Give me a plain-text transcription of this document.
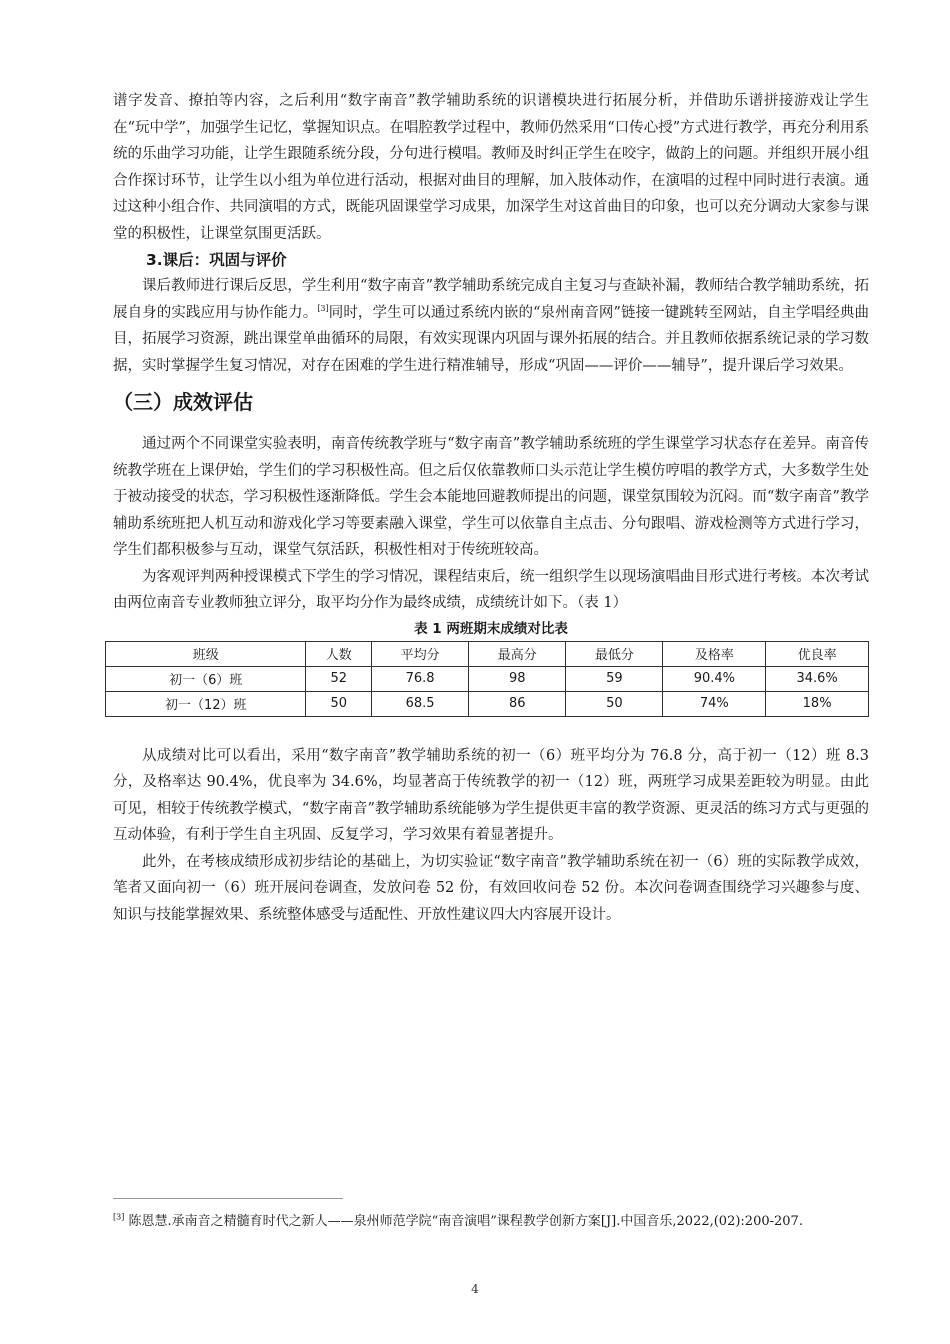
谱字发音、撩拍等内容，之后利用“数字南音”教学辅助系统的识谱模块进行拓展分析，并借助乐谱拼接游戏让学生在“玩中学”，加强学生记忆，掌握知识点。在唱腔教学过程中，教师仍然采用“口传心授”方式进行教学，再充分利用系统的乐曲学习功能，让学生跟随系统分段，分句进行模唱。教师及时纠正学生在咬字，做韵上的问题。并组织开展小组合作探讨环节，让学生以小组为单位进行活动，根据对曲目的理解，加入肢体动作，在演唱的过程中同时进行表演。通过这种小组合作、共同演唱的方式，既能巩固课堂学习成果，加深学生对这首曲目的印象，也可以充分调动大家参与课堂的积极性，让课堂氛围更活跃。

3.课后：巩固与评价

课后教师进行课后反思，学生利用“数字南音”教学辅助系统完成自主复习与查缺补漏，教师结合教学辅助系统，拓展自身的实践应用与协作能力。[3]同时，学生可以通过系统内嵌的“泉州南音网”链接一键跳转至网站，自主学唱经典曲目，拓展学习资源，跳出课堂单曲循环的局限，有效实现课内巩固与课外拓展的结合。并且教师依据系统记录的学习数据，实时掌握学生复习情况，对存在困难的学生进行精准辅导，形成“巩固——评价——辅导”，提升课后学习效果。

（三）成效评估

通过两个不同课堂实验表明，南音传统教学班与“数字南音”教学辅助系统班的学生课堂学习状态存在差异。南音传统教学班在上课伊始，学生们的学习积极性高。但之后仅依靠教师口头示范让学生模仿哼唱的教学方式，大多数学生处于被动接受的状态，学习积极性逐渐降低。学生会本能地回避教师提出的问题，课堂氛围较为沉闷。而“数字南音”教学辅助系统班把人机互动和游戏化学习等要素融入课堂，学生可以依靠自主点击、分句跟唱、游戏检测等方式进行学习，学生们都积极参与互动，课堂气氛活跃，积极性相对于传统班较高。

为客观评判两种授课模式下学生的学习情况，课程结束后，统一组织学生以现场演唱曲目形式进行考核。本次考试由两位南音专业教师独立评分，取平均分作为最终成绩，成绩统计如下。（表 1）

表 1 两班期末成绩对比表
班级	人数	平均分	最高分	最低分	及格率	优良率
初一（6）班	52	76.8	98	59	90.4%	34.6%
初一（12）班	50	68.5	86	50	74%	18%

从成绩对比可以看出，采用“数字南音”教学辅助系统的初一（6）班平均分为 76.8 分，高于初一（12）班 8.3 分，及格率达 90.4%，优良率为 34.6%，均显著高于传统教学的初一（12）班，两班学习成果差距较为明显。由此可见，相较于传统教学模式，“数字南音”教学辅助系统能够为学生提供更丰富的教学资源、更灵活的练习方式与更强的互动体验，有利于学生自主巩固、反复学习，学习效果有着显著提升。

此外，在考核成绩形成初步结论的基础上，为切实验证“数字南音”教学辅助系统在初一（6）班的实际教学成效，笔者又面向初一（6）班开展问卷调查，发放问卷 52 份，有效回收问卷 52 份。本次问卷调查围绕学习兴趣参与度、知识与技能掌握效果、系统整体感受与适配性、开放性建议四大内容展开设计。

[3] 陈恩慧.承南音之精髓育时代之新人——泉州师范学院“南音演唱”课程教学创新方案[J].中国音乐,2022,(02):200-207.
4
